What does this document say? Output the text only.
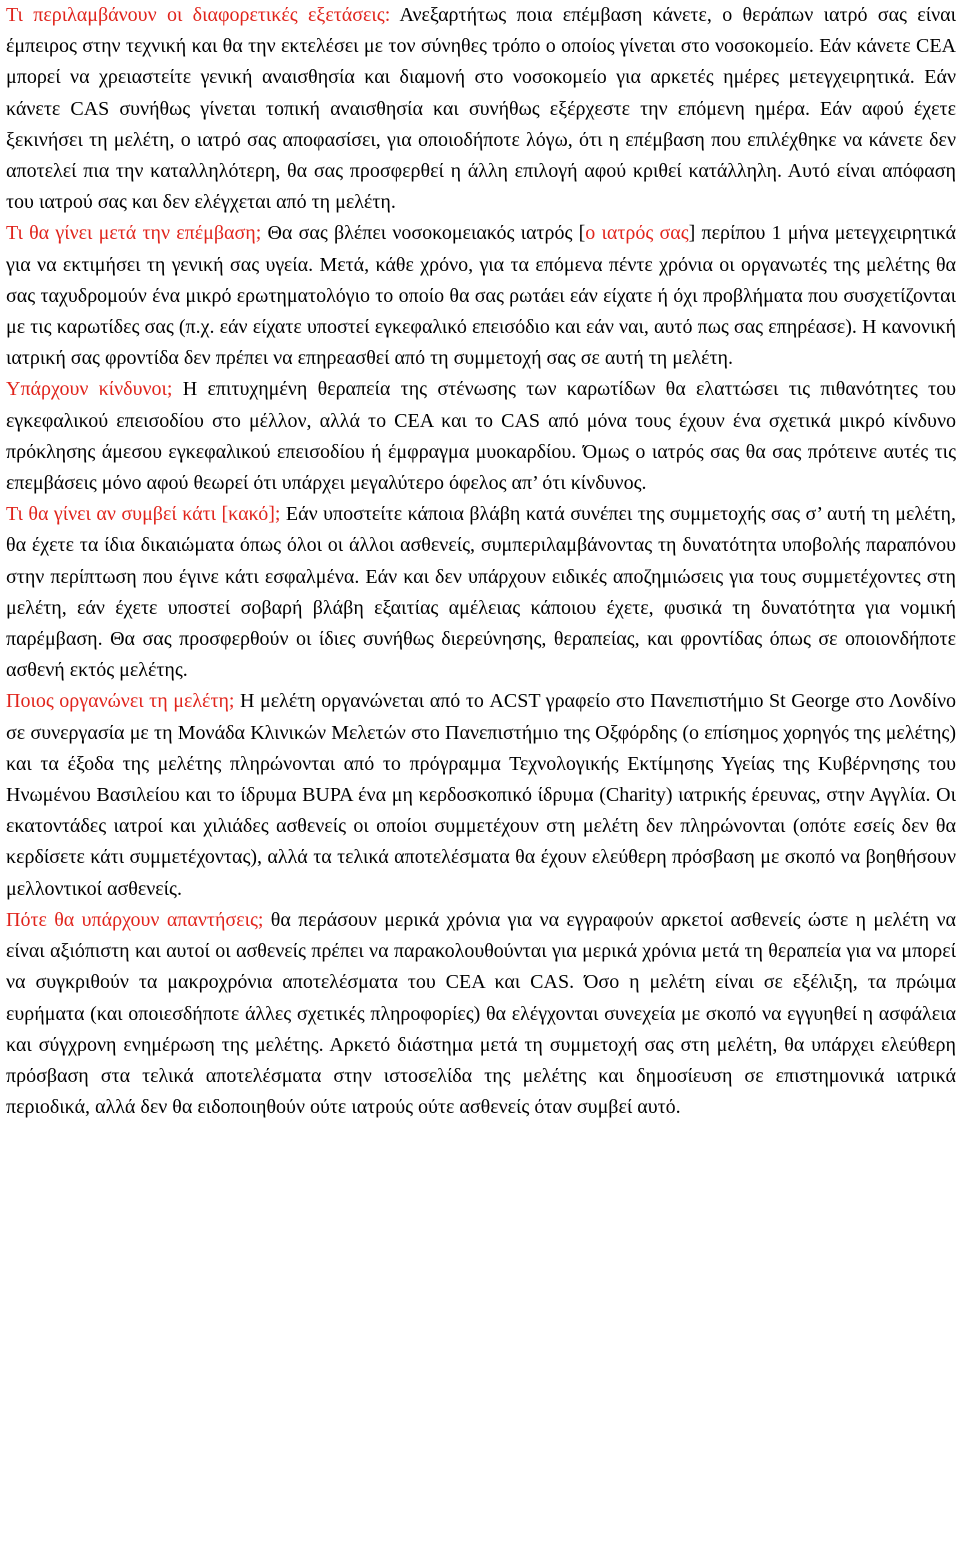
Τι περιλαμβάνουν οι διαφορετικές εξετάσεις: Ανεξαρτήτως ποια επέμβαση κάνετε, ο θεράπων ιατρό σας είναι έμπειρος στην τεχνική και θα την εκτελέσει με τον σύνηθες τρόπο ο οποίος γίνεται στο νοσοκομείο. Εάν κάνετε CEA μπορεί να χρειαστείτε γενική αναισθησία και διαμονή στο νοσοκομείο για αρκετές ημέρες μετεγχειρητικά. Εάν κάνετε CAS συνήθως γίνεται τοπική αναισθησία και συνήθως εξέρχεστε την επόμενη ημέρα. Εάν αφού έχετε ξεκινήσει τη μελέτη, ο ιατρό σας αποφασίσει, για οποιοδήποτε λόγω, ότι η επέμβαση που επιλέχθηκε να κάνετε δεν αποτελεί πια την καταλληλότερη, θα σας προσφερθεί η άλλη επιλογή αφού κριθεί κατάλληλη. Αυτό είναι απόφαση του ιατρού σας και δεν ελέγχεται από τη μελέτη.

Τι θα γίνει μετά την επέμβαση; Θα σας βλέπει νοσοκομειακός ιατρός [ο ιατρός σας] περίπου 1 μήνα μετεγχειρητικά για να εκτιμήσει τη γενική σας υγεία. Μετά, κάθε χρόνο, για τα επόμενα πέντε χρόνια οι οργανωτές της μελέτης θα σας ταχυδρομούν ένα μικρό ερωτηματολόγιο το οποίο θα σας ρωτάει εάν είχατε ή όχι προβλήματα που συσχετίζονται με τις καρωτίδες σας (π.χ. εάν είχατε υποστεί εγκεφαλικό επεισόδιο και εάν ναι, αυτό πως σας επηρέασε). Η κανονική ιατρική σας φροντίδα δεν πρέπει να επηρεασθεί από τη συμμετοχή σας σε αυτή τη μελέτη.

Υπάρχουν κίνδυνοι; Η επιτυχημένη θεραπεία της στένωσης των καρωτίδων θα ελαττώσει τις πιθανότητες του εγκεφαλικού επεισοδίου στο μέλλον, αλλά το CEA και το CAS από μόνα τους έχουν ένα σχετικά μικρό κίνδυνο πρόκλησης άμεσου εγκεφαλικού επεισοδίου ή έμφραγμα μυοκαρδίου. Όμως ο ιατρός σας θα σας πρότεινε αυτές τις επεμβάσεις μόνο αφού θεωρεί ότι υπάρχει μεγαλύτερο όφελος απ’ ότι κίνδυνος.

Τι θα γίνει αν συμβεί κάτι [κακό]; Εάν υποστείτε κάποια βλάβη κατά συνέπει της συμμετοχής σας σ’ αυτή τη μελέτη, θα έχετε τα ίδια δικαιώματα όπως όλοι οι άλλοι ασθενείς, συμπεριλαμβάνοντας τη δυνατότητα υποβολής παραπόνου στην περίπτωση που έγινε κάτι εσφαλμένα. Εάν και δεν υπάρχουν ειδικές αποζημιώσεις για τους συμμετέχοντες στη μελέτη, εάν έχετε υποστεί σοβαρή βλάβη εξαιτίας αμέλειας κάποιου έχετε, φυσικά τη δυνατότητα για νομική παρέμβαση. Θα σας προσφερθούν οι ίδιες συνήθως διερεύνησης, θεραπείας, και φροντίδας όπως σε οποιονδήποτε ασθενή εκτός μελέτης.

Ποιος οργανώνει τη μελέτη; Η μελέτη οργανώνεται από το ACST γραφείο στο Πανεπιστήμιο St George στο Λονδίνο σε συνεργασία με τη Μονάδα Κλινικών Μελετών στο Πανεπιστήμιο της Οξφόρδης (ο επίσημος χορηγός της μελέτης) και τα έξοδα της μελέτης πληρώνονται από το πρόγραμμα Τεχνολογικής Εκτίμησης Υγείας της Κυβέρνησης του Ηνωμένου Βασιλείου και το ίδρυμα BUPA ένα μη κερδοσκοπικό ίδρυμα (Charity) ιατρικής έρευνας, στην Αγγλία. Οι εκατοντάδες ιατροί και χιλιάδες ασθενείς οι οποίοι συμμετέχουν στη μελέτη δεν πληρώνονται (οπότε εσείς δεν θα κερδίσετε κάτι συμμετέχοντας), αλλά τα τελικά αποτελέσματα θα έχουν ελεύθερη πρόσβαση με σκοπό να βοηθήσουν μελλοντικοί ασθενείς.

Πότε θα υπάρχουν απαντήσεις; θα περάσουν μερικά χρόνια για να εγγραφούν αρκετοί ασθενείς ώστε η μελέτη να είναι αξιόπιστη και αυτοί οι ασθενείς πρέπει να παρακολουθούνται για μερικά χρόνια μετά τη θεραπεία για να μπορεί να συγκριθούν τα μακροχρόνια αποτελέσματα του CEA και CAS. Όσο η μελέτη είναι σε εξέλιξη, τα πρώιμα ευρήματα (και οποιεσδήποτε άλλες σχετικές πληροφορίες) θα ελέγχονται συνεχεία με σκοπό να εγγυηθεί η ασφάλεια και σύγχρονη ενημέρωση της μελέτης. Αρκετό διάστημα μετά τη συμμετοχή σας στη μελέτη, θα υπάρχει ελεύθερη πρόσβαση στα τελικά αποτελέσματα στην ιστοσελίδα της μελέτης και δημοσίευση σε επιστημονικά ιατρικά περιοδικά, αλλά δεν θα ειδοποιηθούν ούτε ιατρούς ούτε ασθενείς όταν συμβεί αυτό.
